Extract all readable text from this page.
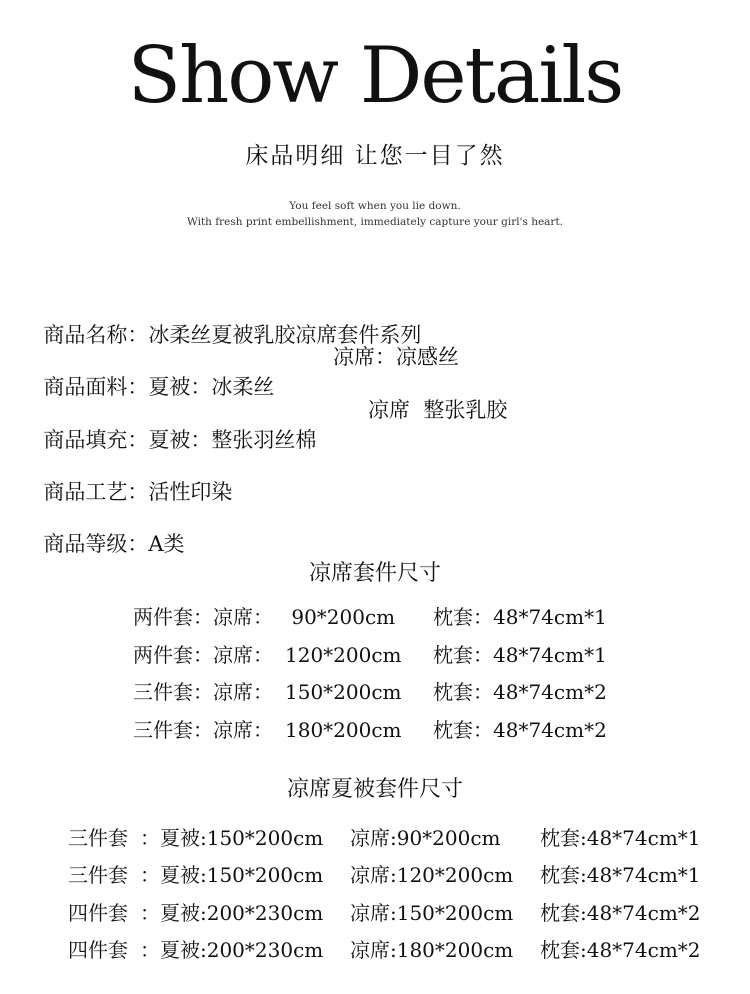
Show Details
床品明细 让您一目了然
You feel soft when you lie down.
With fresh print embellishment, immediately capture your girl's heart.

商品名称：冰柔丝夏被乳胶凉席套件系列

商品面料：夏被：冰柔丝

凉席：凉感丝

商品填充：夏被：整张羽丝棉

凉席  整张乳胶

商品工艺：活性印染

商品等级：A类

凉席套件尺寸
两件套：凉席： 90*200cm 枕套：48*74cm*1
两件套：凉席： 120*200cm 枕套：48*74cm*1
三件套：凉席： 150*200cm 枕套：48*74cm*2
三件套：凉席： 180*200cm 枕套：48*74cm*2
凉席夏被套件尺寸
三件套 ：夏被:150*200cm 凉席:90*200cm 枕套:48*74cm*1
三件套 ：夏被:150*200cm 凉席:120*200cm 枕套:48*74cm*1
四件套 ：夏被:200*230cm 凉席:150*200cm 枕套:48*74cm*2
四件套 ：夏被:200*230cm 凉席:180*200cm 枕套:48*74cm*2
